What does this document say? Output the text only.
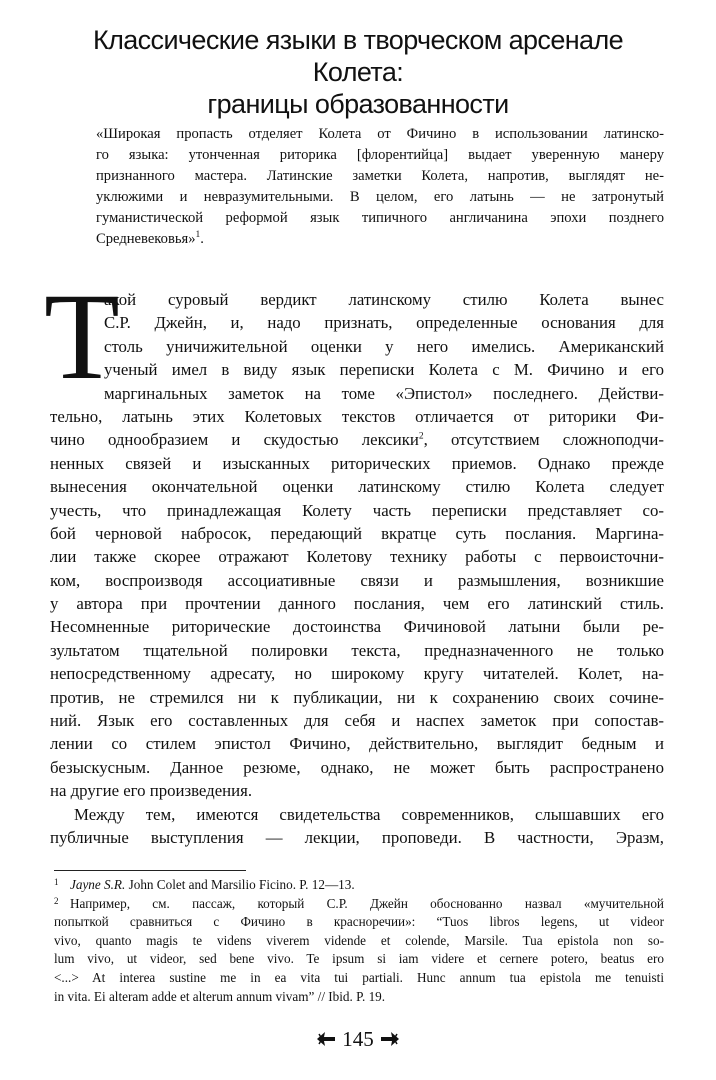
Классические языки в творческом арсенале Колета:
границы образованности
«Широкая пропасть отделяет Колета от Фичино в использовании латинско-
го языка: утонченная риторика [флорентийца] выдает уверенную манеру
признанного мастера. Латинские заметки Колета, напротив, выглядят не-
уклюжими и невразумительными. В целом, его латынь — не затронутый
гуманистической реформой язык типичного англичанина эпохи позднего
Средневековья»$^1$.
Т
акой суровый вердикт латинскому стилю Колета вынес
С.Р. Джейн, и, надо признать, определенные основания для
столь уничижительной оценки у него имелись. Американский
ученый имел в виду язык переписки Колета с М. Фичино и его
маргинальных заметок на томе «Эпистол» последнего. Действи-
тельно, латынь этих Колетовых текстов отличается от риторики Фи-
чино однообразием и скудостью лексики$^2$, отсутствием сложноподчи-
ненных связей и изысканных риторических приемов. Однако прежде
вынесения окончательной оценки латинскому стилю Колета следует
учесть, что принадлежащая Колету часть переписки представляет со-
бой черновой набросок, передающий вкратце суть послания. Маргина-
лии также скорее отражают Колетову технику работы с первоисточни-
ком, воспроизводя ассоциативные связи и размышления, возникшие
у автора при прочтении данного послания, чем его латинский стиль.
Несомненные риторические достоинства Фичиновой латыни были ре-
зультатом тщательной полировки текста, предназначенного не только
непосредственному адресату, но широкому кругу читателей. Колет, на-
против, не стремился ни к публикации, ни к сохранению своих сочине-
ний. Язык его составленных для себя и наспех заметок при сопостав-
лении со стилем эпистол Фичино, действительно, выглядит бедным и
безыскусным. Данное резюме, однако, не может быть распространено
на другие его произведения.
Между тем, имеются свидетельства современников, слышавших его
публичные выступления — лекции, проповеди. В частности, Эразм,
1 Jayne S.R. John Colet and Marsilio Ficino. P. 12—13.
2 Например, см. пассаж, который С.Р. Джейн обоснованно назвал «мучительной
попыткой сравниться с Фичино в красноречии»: “Tuos libros legens, ut videor
vivo, quanto magis te videns viverem vidende et colende, Marsile. Tua epistola non so-
lum vivo, ut videor, sed bene vivo. Te ipsum si iam videre et cernere potero, beatus ero
<...> At interea sustine me in ea vita tui partiali. Hunc annum tua epistola me tenuisti
in vita. Ei alteram adde et alterum annum vivam” // Ibid. P. 19.
145
